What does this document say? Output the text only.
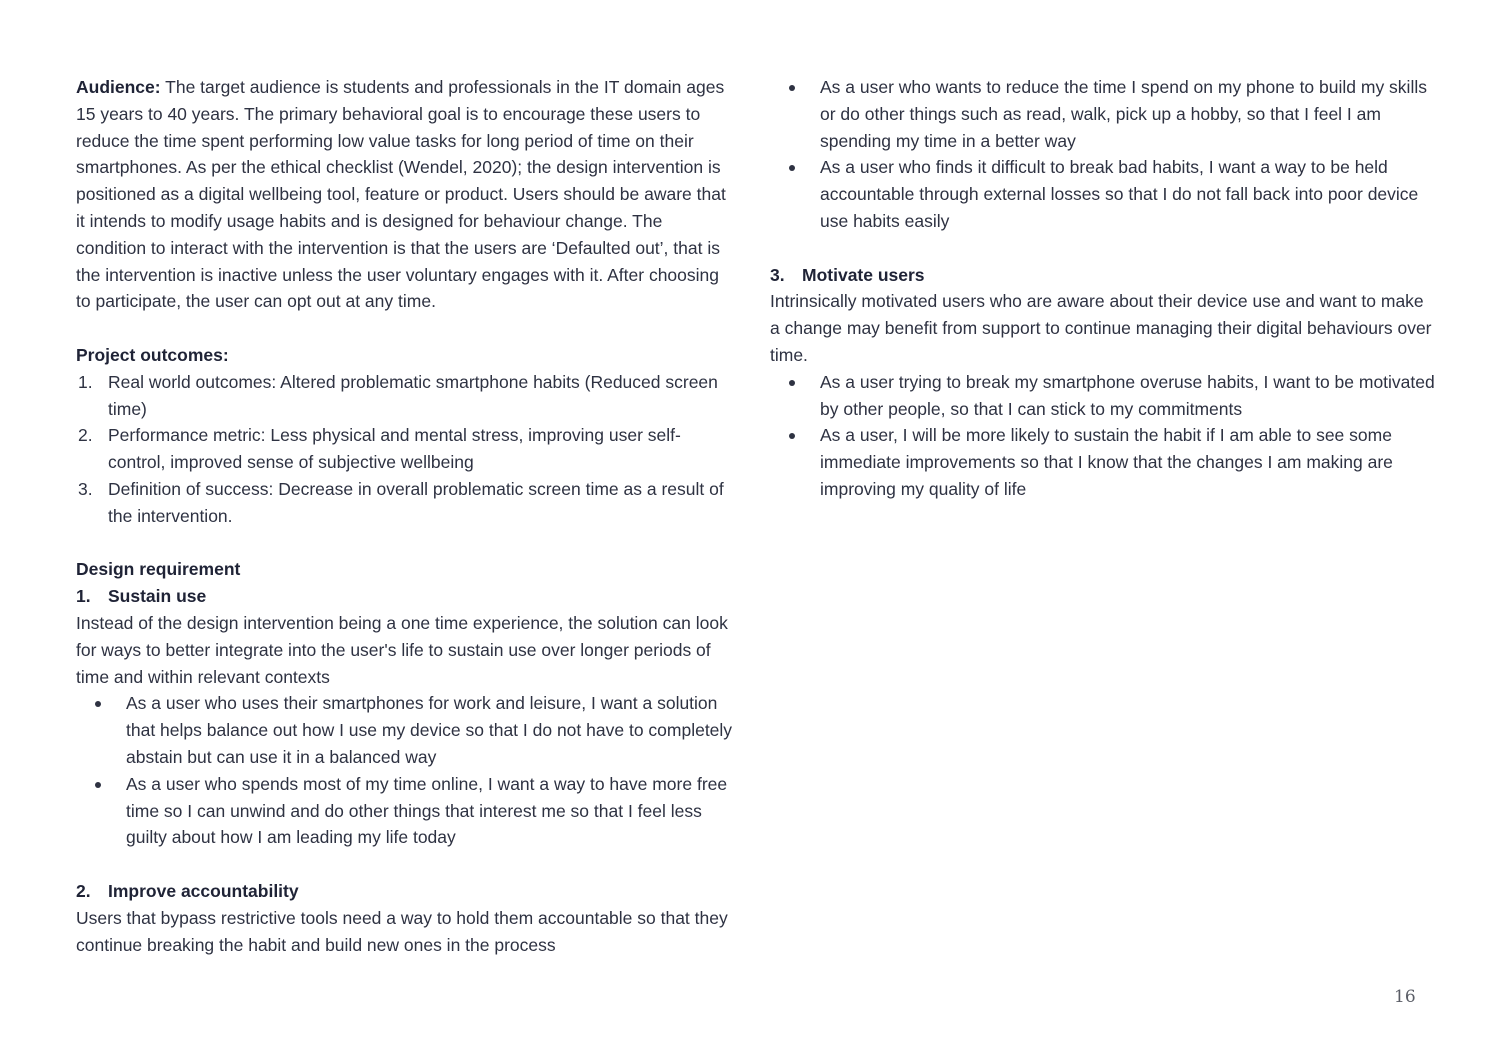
Audience: The target audience is students and professionals in the IT domain ages 15 years to 40 years. The primary behavioral goal is to encourage these users to reduce the time spent performing low value tasks for long period of time on their smartphones. As per the ethical checklist (Wendel, 2020); the design intervention is positioned as a digital wellbeing tool, feature or product. Users should be aware that it intends to modify usage habits and is designed for behaviour change. The condition to interact with the intervention is that the users are ‘Defaulted out’, that is the intervention is inactive unless the user voluntary engages with it. After choosing to participate, the user can opt out at any time.

Project outcomes:

1. Real world outcomes: Altered problematic smartphone habits (Reduced screen time)
2. Performance metric: Less physical and mental stress, improving user self-control, improved sense of subjective wellbeing
3. Definition of success: Decrease in overall problematic screen time as a result of the intervention.

Design requirement

1. Sustain use

Instead of the design intervention being a one time experience, the solution can look for ways to better integrate into the user's life to sustain use over longer periods of time and within relevant contexts

As a user who uses their smartphones for work and leisure, I want a solution that helps balance out how I use my device so that I do not have to completely abstain but can use it in a balanced way
As a user who spends most of my time online, I want a way to have more free time so I can unwind and do other things that interest me so that I feel less guilty about how I am leading my life today
2. Improve accountability

Users that bypass restrictive tools need a way to hold them accountable so that they continue breaking the habit and build new ones in the process

As a user who wants to reduce the time I spend on my phone to build my skills or do other things such as read, walk, pick up a hobby, so that I feel I am spending my time in a better way
As a user who finds it difficult to break bad habits, I want a way to be held accountable through external losses so that I do not fall back into poor device use habits easily
3. Motivate users

Intrinsically motivated users who are aware about their device use and want to make a change may benefit from support to continue managing their digital behaviours over time.

As a user trying to break my smartphone overuse habits, I want to be motivated by other people, so that I can stick to my commitments
As a user, I will be more likely to sustain the habit if I am able to see some immediate improvements so that I know that the changes I am making are improving my quality of life
16
